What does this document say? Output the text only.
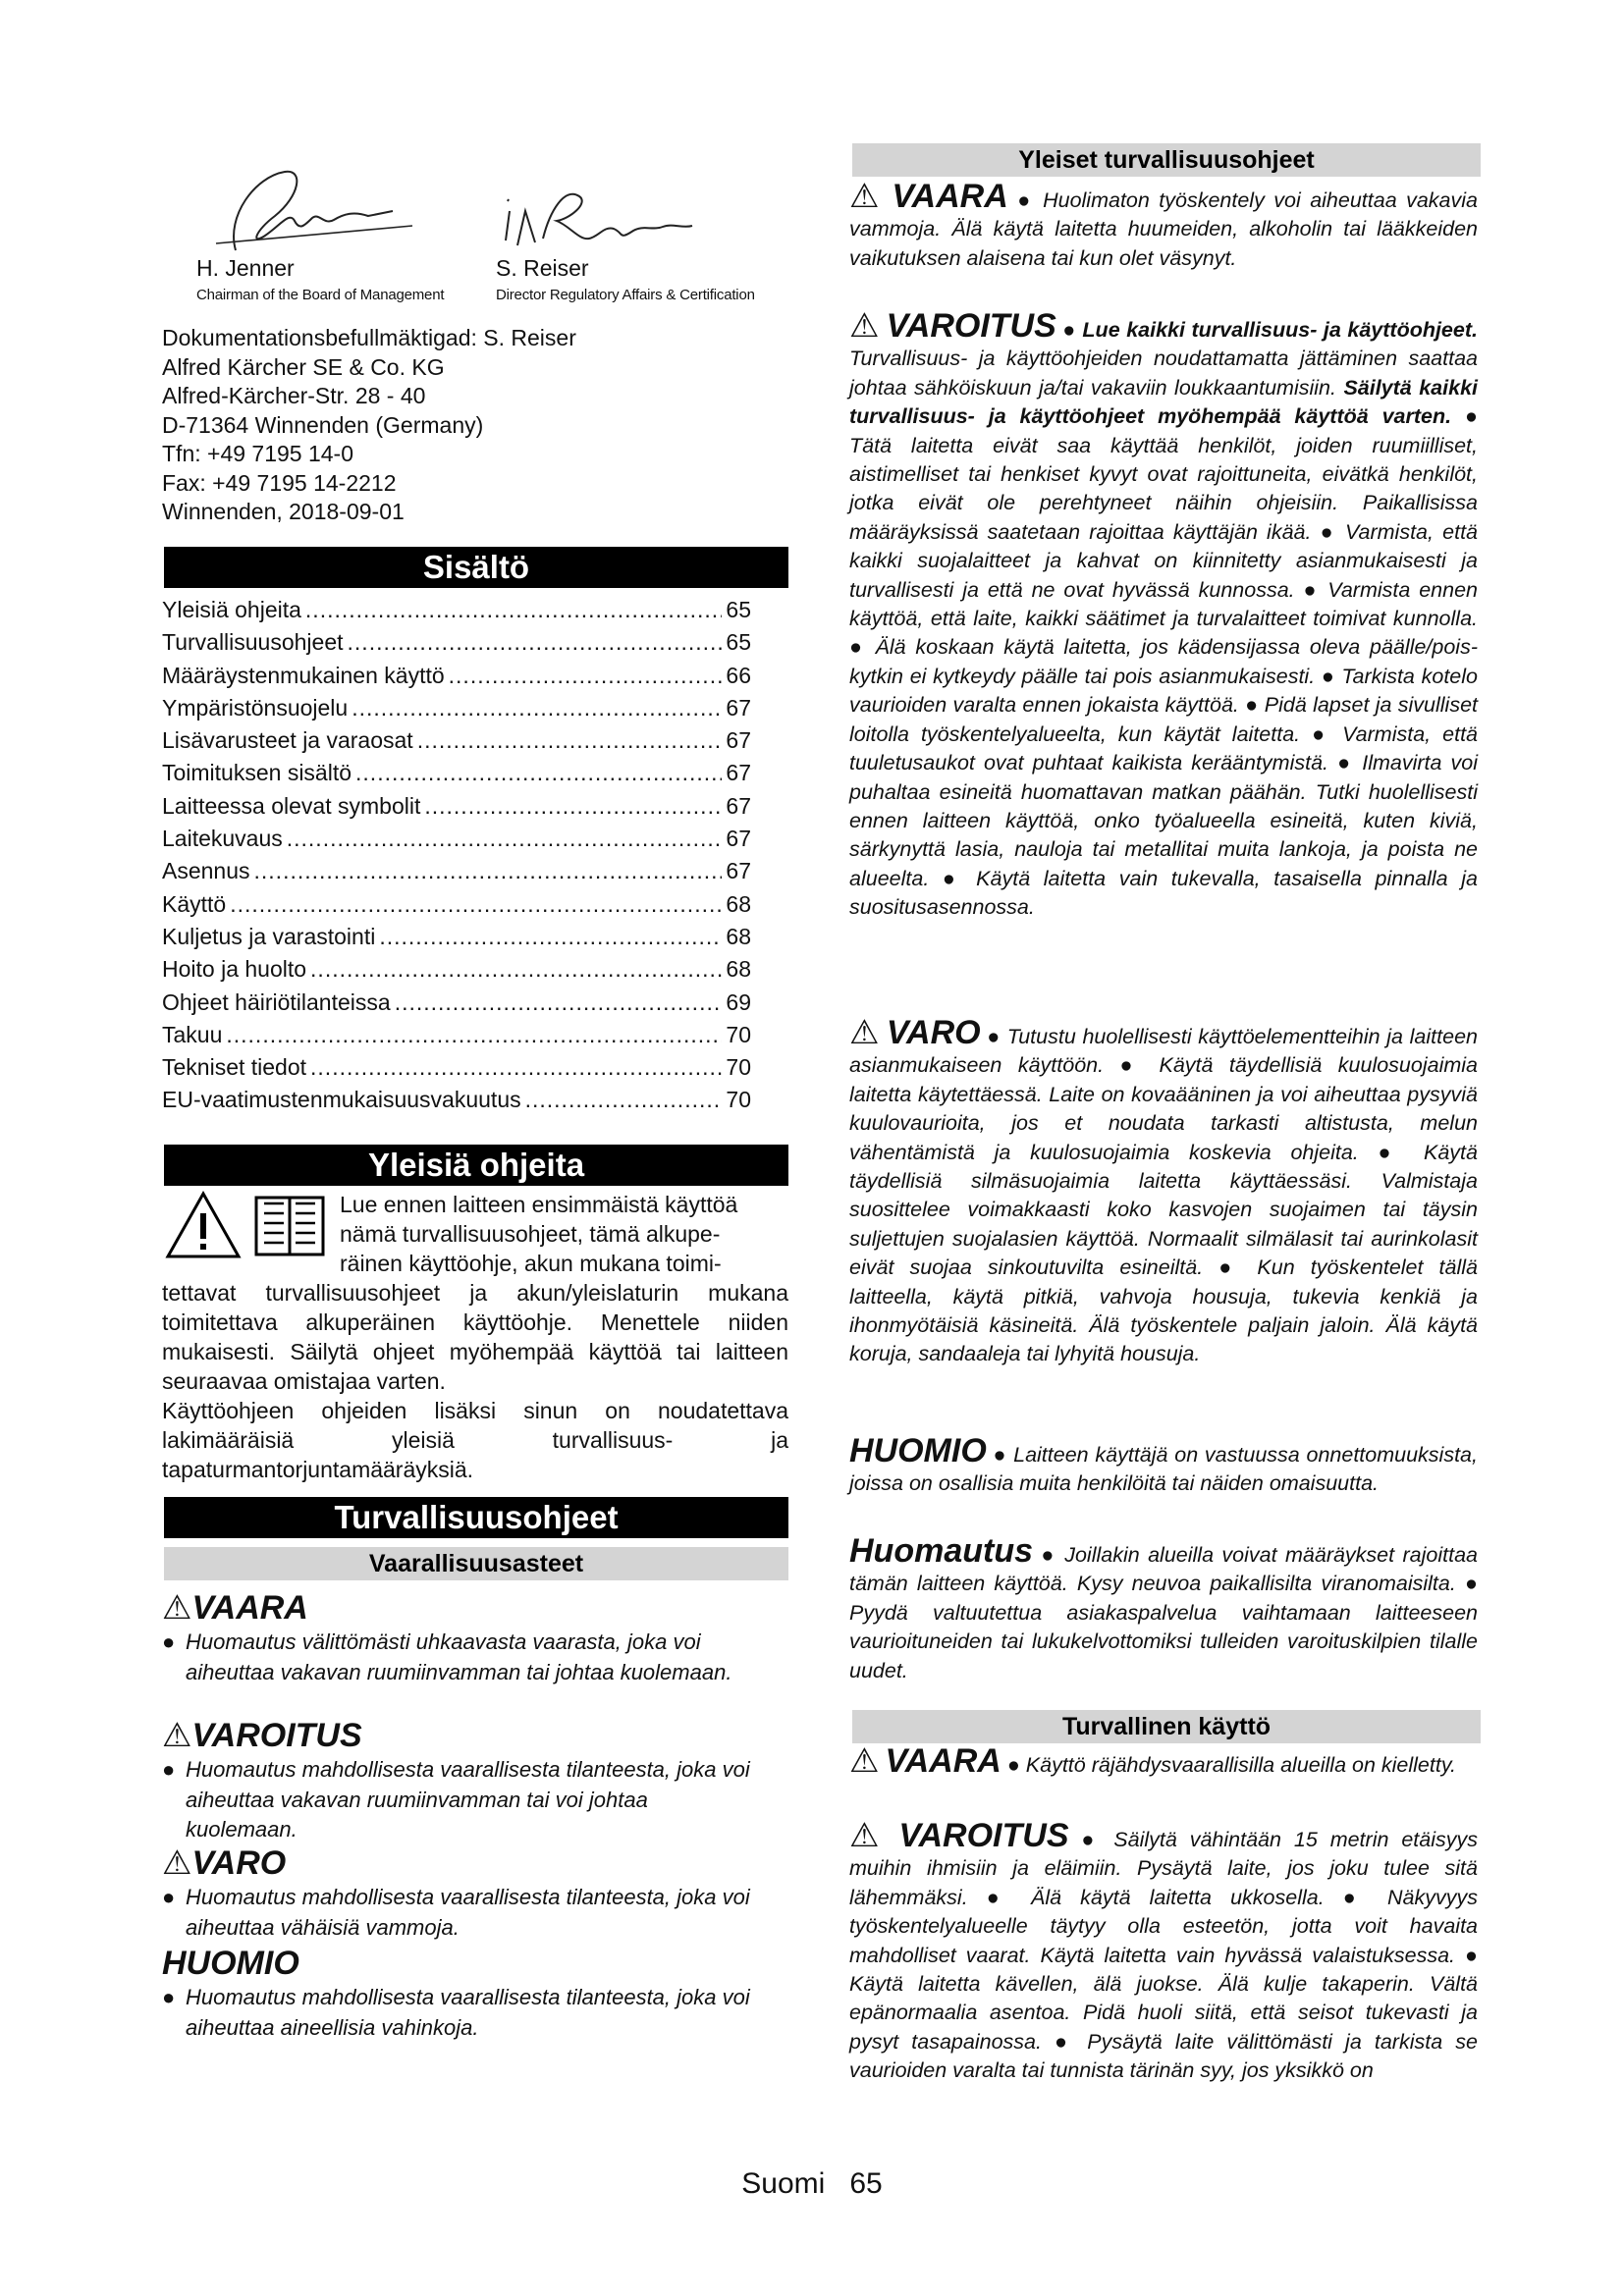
H. Jenner
Chairman of the Board of Management
S. Reiser
Director Regulatory Affairs & Certification
Dokumentationsbefullmäktigad: S. Reiser
Alfred Kärcher SE & Co. KG
Alfred-Kärcher-Str. 28 - 40
D-71364 Winnenden (Germany)
Tfn: +49 7195 14-0
Fax: +49 7195 14-2212
Winnenden, 2018-09-01
Sisältö
Yleisiä ohjeita .....	65
Turvallisuusohjeet .....	65
Määräystenmukainen käyttö .....	66
Ympäristönsuojelu .....	67
Lisävarusteet ja varaosat .....	67
Toimituksen sisältö .....	67
Laitteessa olevat symbolit .....	67
Laitekuvaus .....	67
Asennus .....	67
Käyttö .....	68
Kuljetus ja varastointi .....	68
Hoito ja huolto .....	68
Ohjeet häiriötilanteissa .....	69
Takuu .....	70
Tekniset tiedot .....	70
EU-vaatimustenmukaisuusvakuutus .....	70
Yleisiä ohjeita
Lue ennen laitteen ensimmäistä käyttöä
nämä turvallisuusohjeet, tämä alkupe-
räinen käyttöohje, akun mukana toimi-
tettavat turvallisuusohjeet ja akun/yleislaturin mukana toimitettava alkuperäinen käyttöohje. Menettele niiden mukaisesti. Säilytä ohjeet myöhempää käyttöä tai laitteen seuraavaa omistajaa varten.
Käyttöohjeen ohjeiden lisäksi sinun on noudatettava lakimääräisiä yleisiä turvallisuus- ja tapaturmantorjuntamääräyksiä.
Turvallisuusohjeet
Vaarallisuusasteet
⚠VAARA
● Huomautus välittömästi uhkaavasta vaarasta, joka voi aiheuttaa vakavan ruumiinvamman tai johtaa kuolemaan.
⚠VAROITUS
● Huomautus mahdollisesta vaarallisesta tilanteesta, joka voi aiheuttaa vakavan ruumiinvamman tai voi johtaa kuolemaan.
⚠VARO
● Huomautus mahdollisesta vaarallisesta tilanteesta, joka voi aiheuttaa vähäisiä vammoja.
HUOMIO
● Huomautus mahdollisesta vaarallisesta tilanteesta, joka voi aiheuttaa aineellisia vahinkoja.
Yleiset turvallisuusohjeet
⚠ VAARA ● Huolimaton työskentely voi aiheuttaa vakavia vammoja. Älä käytä laitetta huumeiden, alkoholin tai lääkkeiden vaikutuksen alaisena tai kun olet väsynyt.
⚠ VAROITUS ● Lue kaikki turvallisuus- ja käyttöohjeet. Turvallisuus- ja käyttöohjeiden noudattamatta jättäminen saattaa johtaa sähköiskuun ja/tai vakaviin loukkaantumisiin. Säilytä kaikki turvallisuus- ja käyttöohjeet myöhempää käyttöä varten. ● Tätä laitetta eivät saa käyttää henkilöt, joiden ruumiilliset, aistimelliset tai henkiset kyvyt ovat rajoittuneita, eivätkä henkilöt, jotka eivät ole perehtyneet näihin ohjeisiin. Paikallisissa määräyksissä saatetaan rajoittaa käyttäjän ikää. ● Varmista, että kaikki suojalaitteet ja kahvat on kiinnitetty asianmukaisesti ja turvallisesti ja että ne ovat hyvässä kunnossa. ● Varmista ennen käyttöä, että laite, kaikki säätimet ja turvalaitteet toimivat kunnolla. ● Älä koskaan käytä laitetta, jos kädensijassa oleva päälle/pois-kytkin ei kytkeydy päälle tai pois asianmukaisesti. ● Tarkista kotelo vaurioiden varalta ennen jokaista käyttöä. ● Pidä lapset ja sivulliset loitolla työskentelyalueelta, kun käytät laitetta. ● Varmista, että tuuletusaukot ovat puhtaat kaikista kerääntymistä. ● Ilmavirta voi puhaltaa esineitä huomattavan matkan päähän. Tutki huolellisesti ennen laitteen käyttöä, onko työalueella esineitä, kuten kiviä, särkynyttä lasia, nauloja tai metallitai muita lankoja, ja poista ne alueelta. ● Käytä laitetta vain tukevalla, tasaisella pinnalla ja suositusasennossa.
⚠ VARO ● Tutustu huolellisesti käyttöelementteihin ja laitteen asianmukaiseen käyttöön. ● Käytä täydellisiä kuulosuojaimia laitetta käytettäessä. Laite on kovaääninen ja voi aiheuttaa pysyviä kuulovaurioita, jos et noudata tarkasti altistusta, melun vähentämistä ja kuulosuojaimia koskevia ohjeita. ● Käytä täydellisiä silmäsuojaimia laitetta käyttäessäsi. Valmistaja suosittelee voimakkaasti koko kasvojen suojaimen tai täysin suljettujen suojalasien käyttöä. Normaalit silmälasit tai aurinkolasit eivät suojaa sinkoutuvilta esineiltä. ● Kun työskentelet tällä laitteella, käytä pitkiä, vahvoja housuja, tukevia kenkiä ja ihonmyötäisiä käsineitä. Älä työskentele paljain jaloin. Älä käytä koruja, sandaaleja tai lyhyitä housuja.
HUOMIO ● Laitteen käyttäjä on vastuussa onnettomuuksista, joissa on osallisia muita henkilöitä tai näiden omaisuutta.
Huomautus ● Joillakin alueilla voivat määräykset rajoittaa tämän laitteen käyttöä. Kysy neuvoa paikallisilta viranomaisilta. ● Pyydä valtuutettua asiakaspalvelua vaihtamaan laitteeseen vaurioituneiden tai lukukelvottomiksi tulleiden varoituskilpien tilalle uudet.
Turvallinen käyttö
⚠ VAARA ● Käyttö räjähdysvaarallisilla alueilla on kielletty.
⚠ VAROITUS ● Säilytä vähintään 15 metrin etäisyys muihin ihmisiin ja eläimiin. Pysäytä laite, jos joku tulee sitä lähemmäksi. ● Älä käytä laitetta ukkosella. ● Näkyvyys työskentelyalueelle täytyy olla esteetön, jotta voit havaita mahdolliset vaarat. Käytä laitetta vain hyvässä valaistuksessa. ● Käytä laitetta kävellen, älä juokse. Älä kulje takaperin. Vältä epänormaalia asentoa. Pidä huoli siitä, että seisot tukevasti ja pysyt tasapainossa. ● Pysäytä laite välittömästi ja tarkista se vaurioiden varalta tai tunnista tärinän syy, jos yksikkö on
Suomi 65
